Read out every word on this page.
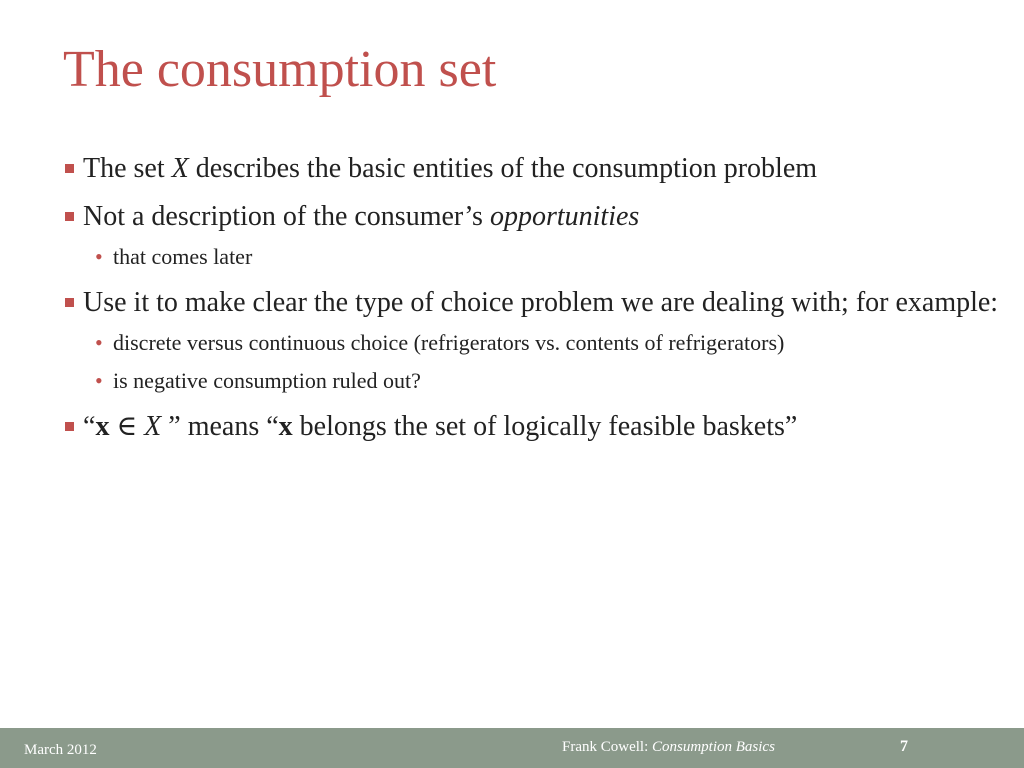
The consumption set
The set X describes the basic entities of the consumption problem
Not a description of the consumer’s opportunities
• that comes later
Use it to make clear the type of choice problem we are dealing with; for example:
• discrete versus continuous choice (refrigerators vs. contents of refrigerators)
• is negative consumption ruled out?
“x ∈ X ” means “x belongs the set of logically feasible baskets”
March 2012	Frank Cowell: Consumption Basics	7
